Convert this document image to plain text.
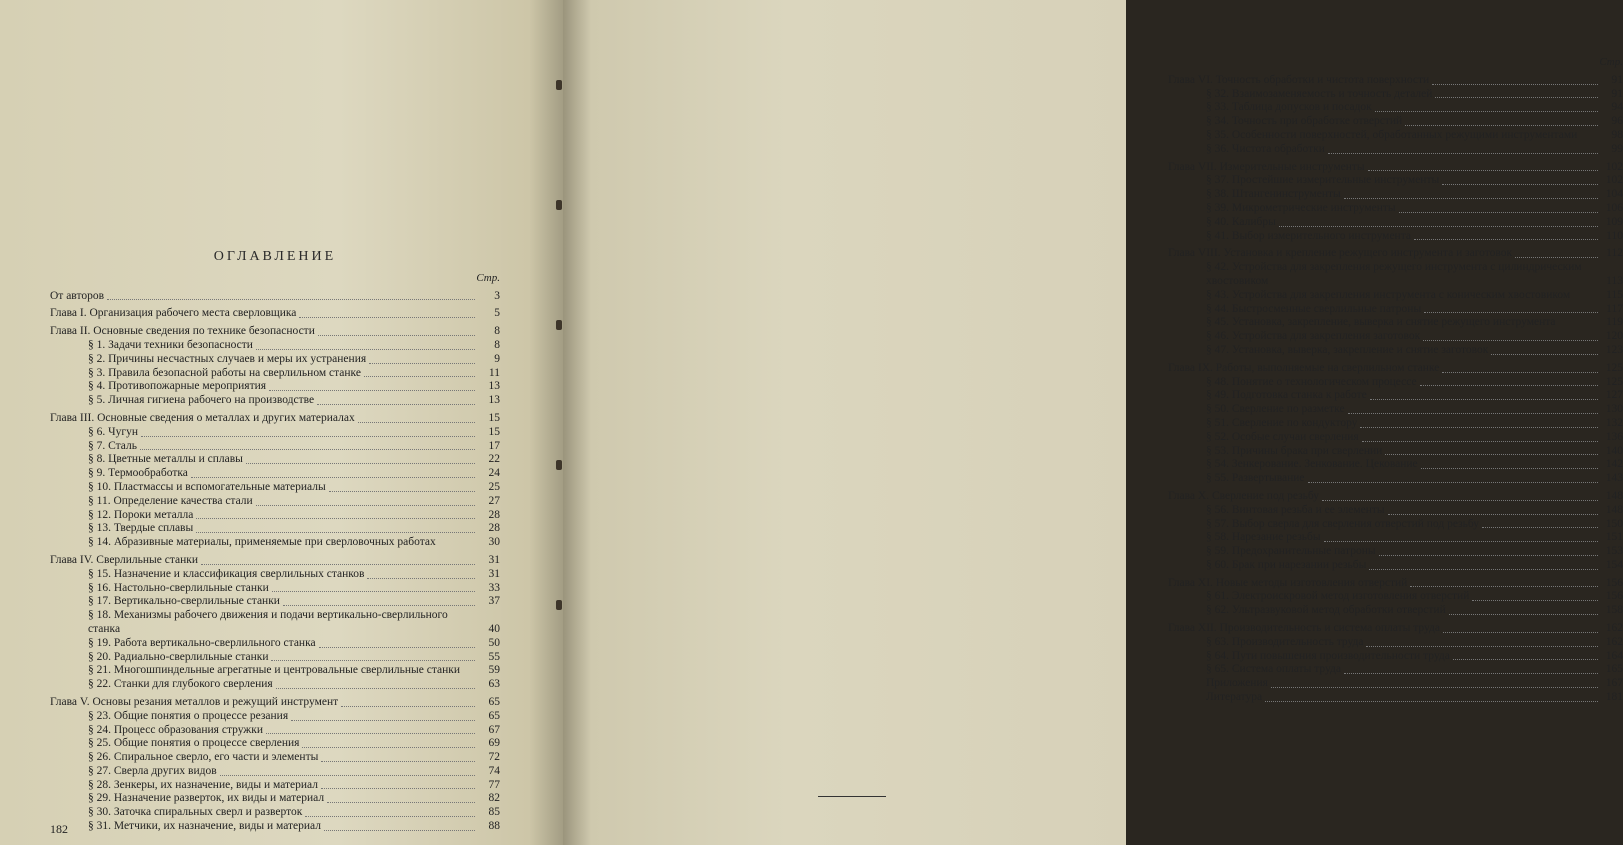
ОГЛАВЛЕНИЕ
Стр.
От авторов	3
Глава I. Организация рабочего места сверловщика	5
Глава II. Основные сведения по технике безопасности	8
§ 1. Задачи техники безопасности	8
§ 2. Причины несчастных случаев и меры их устранения	9
§ 3. Правила безопасной работы на сверлильном станке	11
§ 4. Противопожарные мероприятия	13
§ 5. Личная гигиена рабочего на производстве	13
Глава III. Основные сведения о металлах и других материалах	15
§ 6. Чугун	15
§ 7. Сталь	17
§ 8. Цветные металлы и сплавы	22
§ 9. Термообработка	24
§ 10. Пластмассы и вспомогательные материалы	25
§ 11. Определение качества стали	27
§ 12. Пороки металла	28
§ 13. Твердые сплавы	28
§ 14. Абразивные материалы, применяемые при сверловочных работах	30
Глава IV. Сверлильные станки	31
§ 15. Назначение и классификация сверлильных станков	31
§ 16. Настольно-сверлильные станки	33
§ 17. Вертикально-сверлильные станки	37
§ 18. Механизмы рабочего движения и подачи вертикально-сверлильного станка	40
§ 19. Работа вертикально-сверлильного станка	50
§ 20. Радиально-сверлильные станки	55
§ 21. Многошпиндельные агрегатные и центровальные сверлильные станки	59
§ 22. Станки для глубокого сверления	63
Глава V. Основы резания металлов и режущий инструмент	65
§ 23. Общие понятия о процессе резания	65
§ 24. Процесс образования стружки	67
§ 25. Общие понятия о процессе сверления	69
§ 26. Спиральное сверло, его части и элементы	72
§ 27. Сверла других видов	74
§ 28. Зенкеры, их назначение, виды и материал	77
§ 29. Назначение разверток, их виды и материал	82
§ 30. Заточка спиральных сверл и разверток	85
§ 31. Метчики, их назначение, виды и материал	88
182
Стр.
Глава VI. Точность обработки и чистота поверхности	91
§ 32. Взаимозаменяемость и точность деталей	91
§ 33. Таблица допусков и посадок	94
§ 34. Точность при обработке отверстий	96
§ 35. Особенности поверхностей, обработанных режущими инструментами	98
§ 36. Чистота обработки	99
Глава VII. Измерительные инструменты	102
§ 37. Простейшие измерительные инструменты	102
§ 38. Штангенинструменты	104
§ 39. Микрометрические инструменты	106
§ 40. Калибры	109
§ 41. Выбор измерительного инструмента	110
Глава VIII. Установка и крепление режущего инструмента и заготовок	112
§ 42. Устройства для закрепления режущего инструмента с цилиндрическим хвостовиком	113
§ 43. Устройства для закрепления инструмента с коническим хвостовиком	115
§ 44. Быстросменные сверлильные патроны	117
§ 45. Установка, закрепление, выверка и снятие режущего инструмента	119
§ 46. Устройства для закрепления заготовок	120
§ 47. Установка, выверка, закрепление и снятие заготовок	123
Глава IX. Работы, выполняемые на сверлильном станке	125
§ 48. Понятие о технологическом процессе	125
§ 49. Подготовка станка к работе	127
§ 50. Сверление по разметке	130
§ 51. Сверление по кондуктору	132
§ 52. Особые случаи сверления	136
§ 53. Причины брака при сверлении	140
§ 54. Зенкерование. Зенкование. Цекование	142
§ 55. Развертывание	143
Глава X. Сверление под резьбу	148
§ 56. Винтовая резьба и ее элементы	148
§ 57. Выбор сверла для сверления отверстий под резьбу	150
§ 58. Нарезание резьбы	151
§ 59. Предохранительные патроны	153
§ 60. Брак при нарезании резьбы	154
Глава XI. Новые методы изготовления отверстий	156
§ 61. Электроискровой метод изготовления отверстий	156
§ 62. Ультразвуковой метод обработки отверстий	158
Глава XII. Производительность и система оплаты труда	162
§ 63. Производительность труда	162
§ 64. Пути повышения производительности труда	164
§ 65. Система оплаты труда	165
Приложения	167
Литература	181
